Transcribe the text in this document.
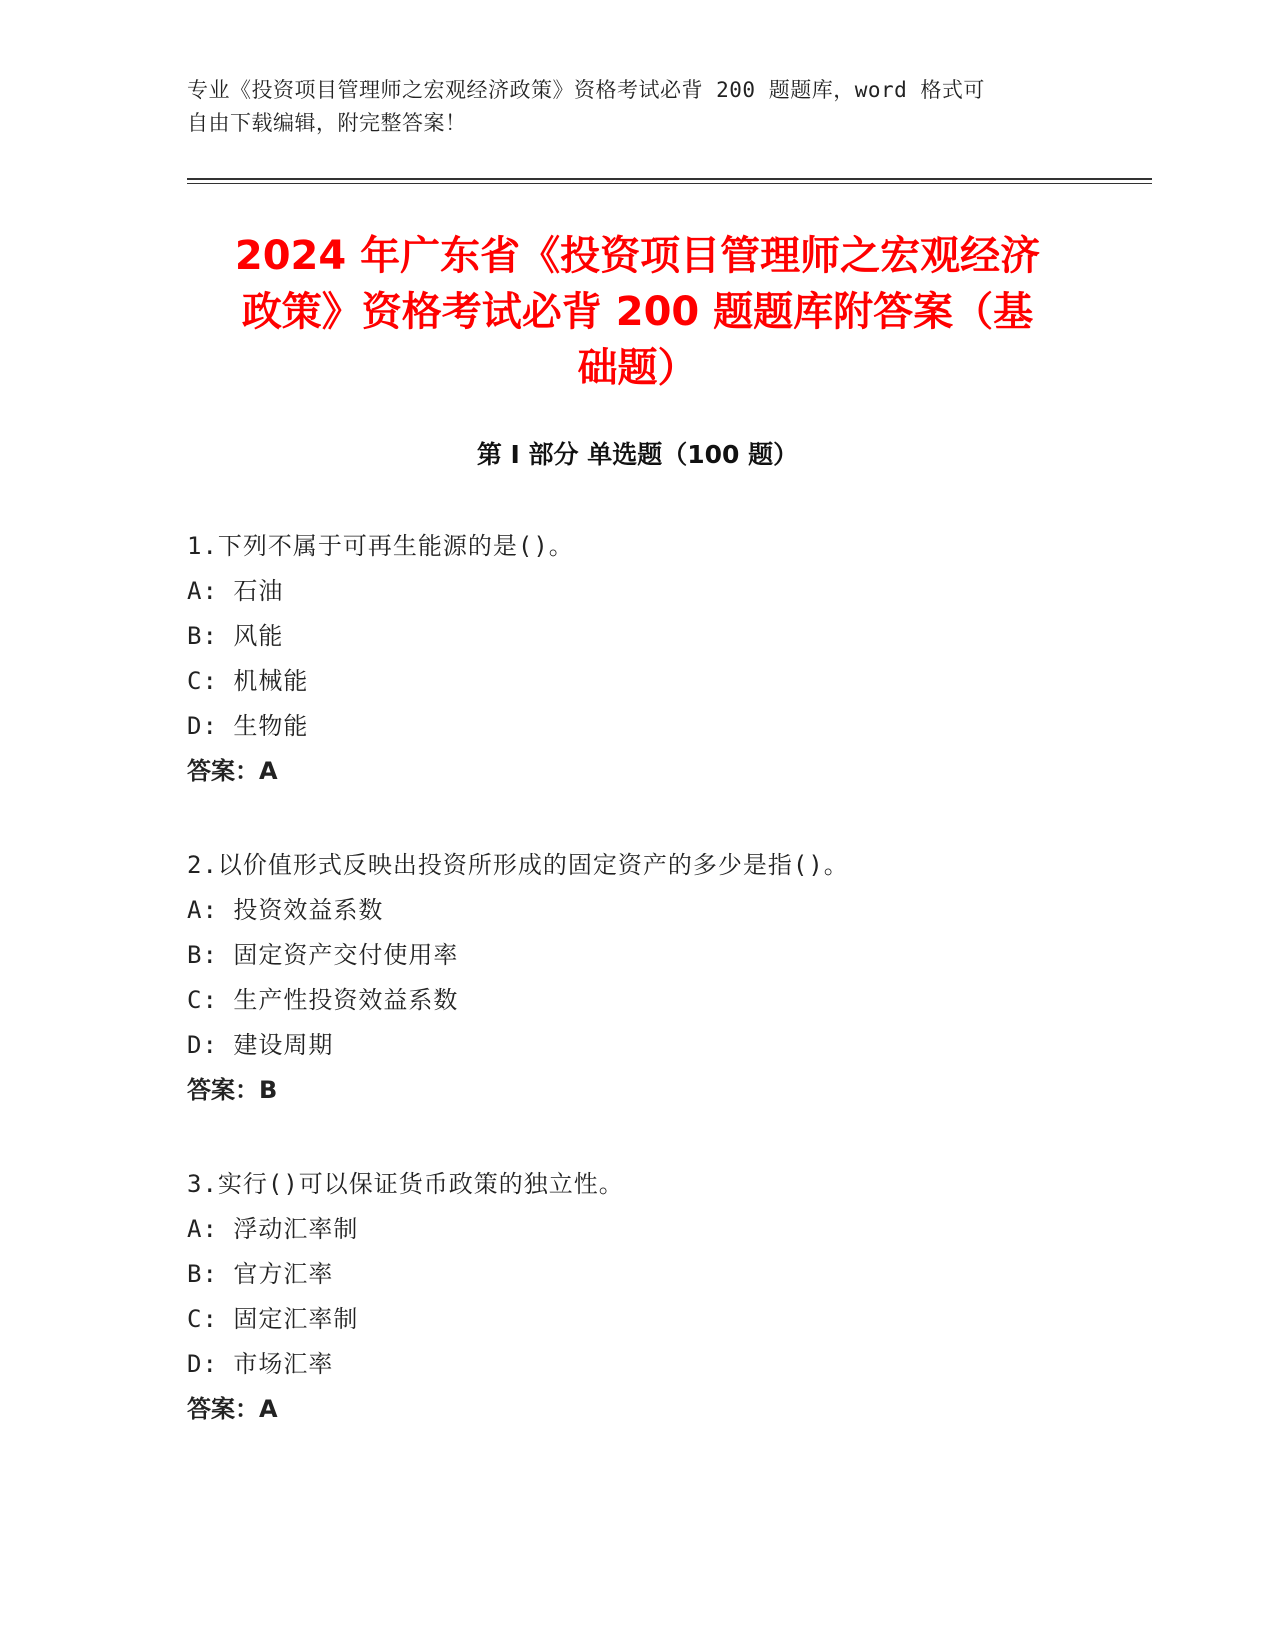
专业《投资项目管理师之宏观经济政策》资格考试必背 200 题题库，word 格式可
自由下载编辑，附完整答案！
2024 年广东省《投资项目管理师之宏观经济
政策》资格考试必背 200 题题库附答案（基
础题）
第 I 部分 单选题（100 题）
1.下列不属于可再生能源的是()。
A: 石油
B: 风能
C: 机械能
D: 生物能
答案：A
2.以价值形式反映出投资所形成的固定资产的多少是指()。
A: 投资效益系数
B: 固定资产交付使用率
C: 生产性投资效益系数
D: 建设周期
答案：B
3.实行()可以保证货币政策的独立性。
A: 浮动汇率制
B: 官方汇率
C: 固定汇率制
D: 市场汇率
答案：A
